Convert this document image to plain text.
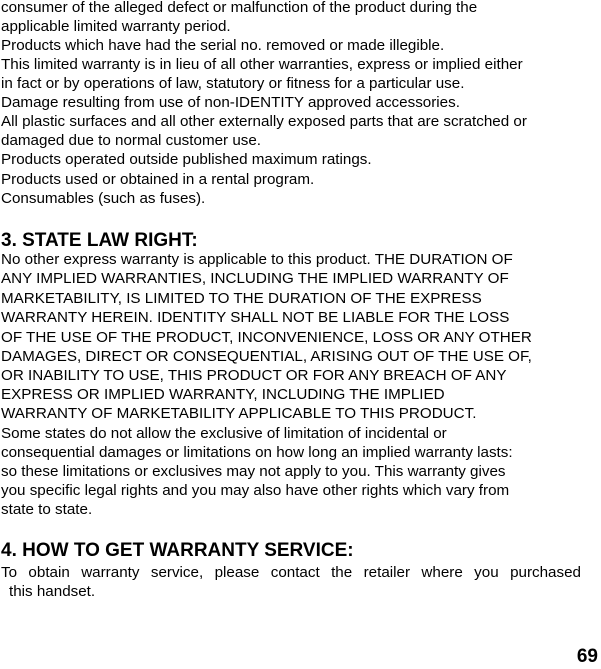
consumer of the alleged defect or malfunction of the product during the
applicable limited warranty period.
Products which have had the serial no. removed or made illegible.
This limited warranty is in lieu of all other warranties, express or implied either
in fact or by operations of law, statutory or fitness for a particular use.
Damage resulting from use of non-IDENTITY approved accessories.
All plastic surfaces and all other externally exposed parts that are scratched or
damaged due to normal customer use.
Products operated outside published maximum ratings.
Products used or obtained in a rental program.
Consumables (such as fuses).
3. STATE LAW RIGHT:
No other express warranty is applicable to this product. THE DURATION OF
ANY IMPLIED WARRANTIES, INCLUDING THE IMPLIED WARRANTY OF
MARKETABILITY, IS LIMITED TO THE DURATION OF THE EXPRESS
WARRANTY HEREIN. IDENTITY SHALL NOT BE LIABLE FOR THE LOSS
OF THE USE OF THE PRODUCT, INCONVENIENCE, LOSS OR ANY OTHER
DAMAGES, DIRECT OR CONSEQUENTIAL, ARISING OUT OF THE USE OF,
OR INABILITY TO USE, THIS PRODUCT OR FOR ANY BREACH OF ANY
EXPRESS OR IMPLIED WARRANTY, INCLUDING THE IMPLIED
WARRANTY OF MARKETABILITY APPLICABLE TO THIS PRODUCT.
Some states do not allow the exclusive of limitation of incidental or
consequential damages or limitations on how long an implied warranty lasts:
so these limitations or exclusives may not apply to you. This warranty gives
you specific legal rights and you may also have other rights which vary from
state to state.
4. HOW TO GET WARRANTY SERVICE:
To obtain warranty service, please contact the retailer where you purchased
this handset.
69
